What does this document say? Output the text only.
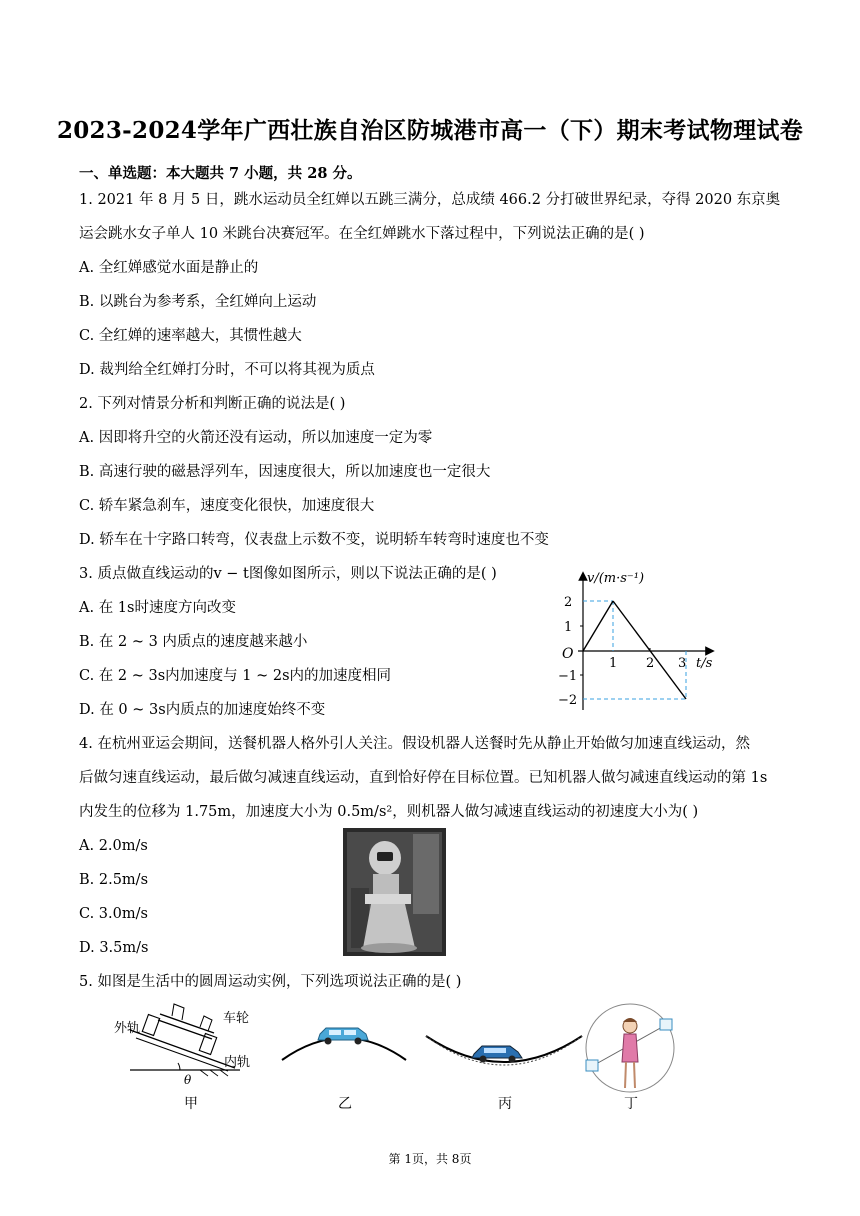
2023-2024学年广西壮族自治区防城港市高一（下）期末考试物理试卷
一、单选题：本大题共 7 小题，共 28 分。
1. 2021 年 8 月 5 日，跳水运动员全红婵以五跳三满分，总成绩 466.2 分打破世界纪录，夺得 2020 东京奥
运会跳水女子单人 10 米跳台决赛冠军。在全红婵跳水下落过程中，下列说法正确的是( )
A. 全红婵感觉水面是静止的
B. 以跳台为参考系，全红婵向上运动
C. 全红婵的速率越大，其惯性越大
D. 裁判给全红婵打分时，不可以将其视为质点
2. 下列对情景分析和判断正确的说法是( )
A. 因即将升空的火箭还没有运动，所以加速度一定为零
B. 高速行驶的磁悬浮列车，因速度很大，所以加速度也一定很大
C. 轿车紧急刹车，速度变化很快，加速度很大
D. 轿车在十字路口转弯，仪表盘上示数不变，说明轿车转弯时速度也不变
3. 质点做直线运动的v − t图像如图所示，则以下说法正确的是( )
A. 在 1s时速度方向改变
B. 在 2 ~ 3 内质点的速度越来越小
C. 在 2 ~ 3s内加速度与 1 ~ 2s内的加速度相同
D. 在 0 ~ 3s内质点的加速度始终不变
v/(m·s⁻¹)
t/s
O
2
1
−1
−2
1 2 3
4. 在杭州亚运会期间，送餐机器人格外引人关注。假设机器人送餐时先从静止开始做匀加速直线运动，然
后做匀速直线运动，最后做匀减速直线运动，直到恰好停在目标位置。已知机器人做匀减速直线运动的第 1s
内发生的位移为 1.75m，加速度大小为 0.5m/s²，则机器人做匀减速直线运动的初速度大小为( )
A. 2.0m/s
B. 2.5m/s
C. 3.0m/s
D. 3.5m/s
5. 如图是生活中的圆周运动实例，下列选项说法正确的是( )
外轨
车轮
内轨
θ
甲	乙	丙	丁
第 1页，共 8页
